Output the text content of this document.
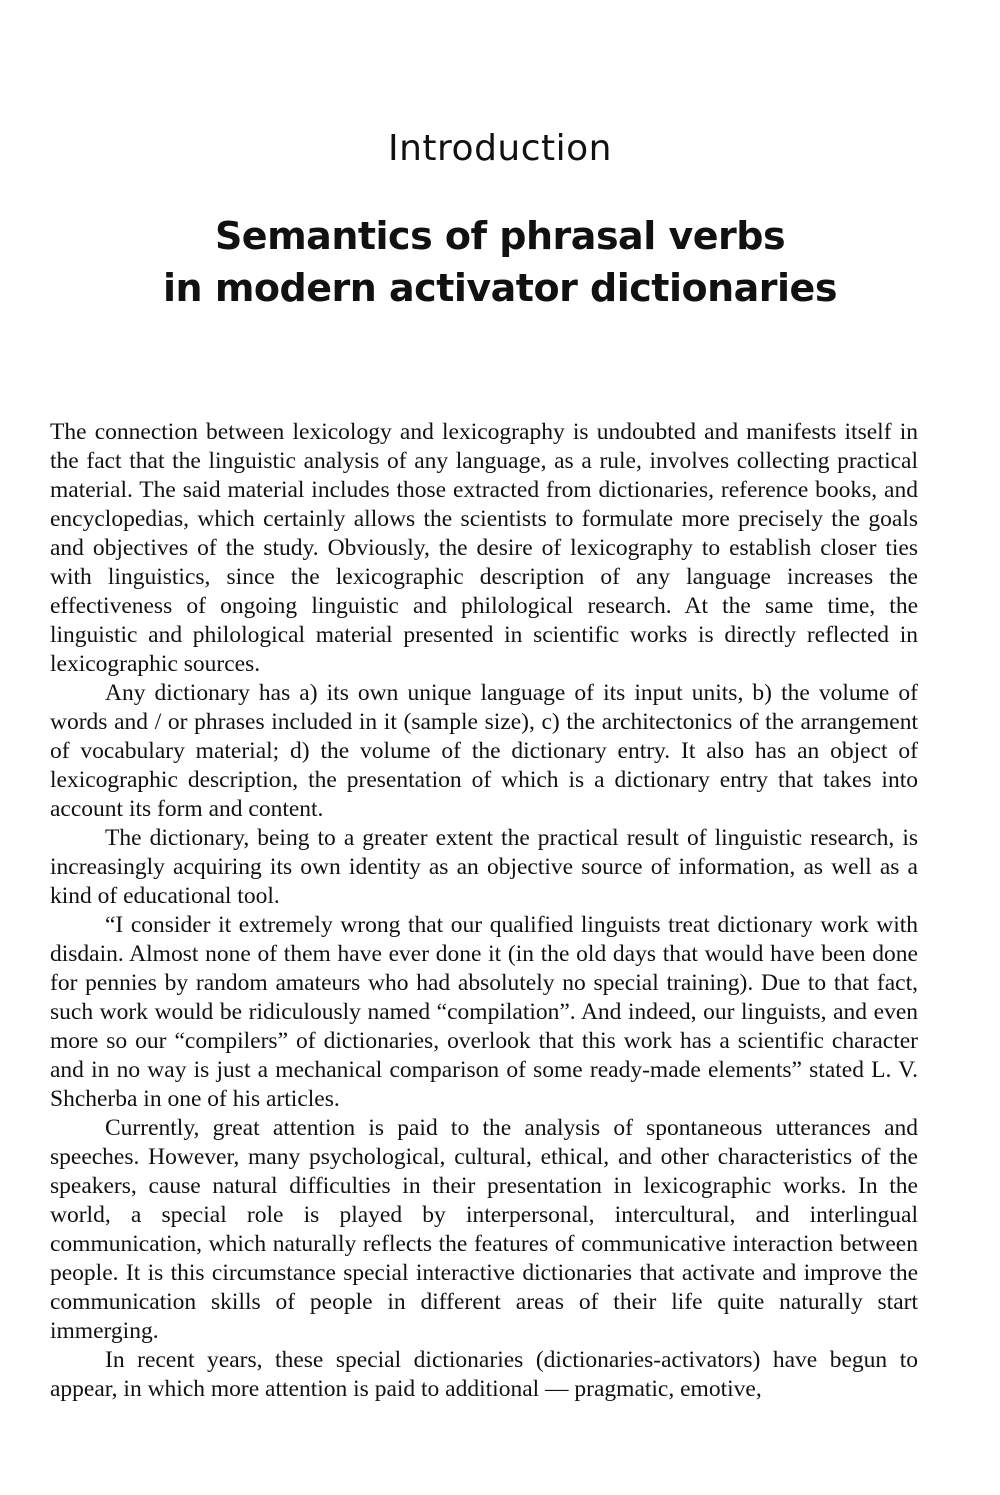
Introduction
Semantics of phrasal verbs
in modern activator dictionaries

The connection between lexicology and lexicography is undoubted and manifests itself in the fact that the linguistic analysis of any language, as a rule, involves collecting practical material. The said material includes those extracted from dictionaries, reference books, and encyclopedias, which certainly allows the scientists to formulate more precisely the goals and objectives of the study. Obviously, the desire of lexicography to establish closer ties with linguistics, since the lexicographic description of any language increases the effectiveness of ongoing linguistic and philological research. At the same time, the linguistic and philological material presented in scientific works is directly reflected in lexicographic sources.

Any dictionary has a) its own unique language of its input units, b) the volume of words and / or phrases included in it (sample size), c) the architectonics of the arrangement of vocabulary material; d) the volume of the dictionary entry. It also has an object of lexicographic description, the presentation of which is a dictionary entry that takes into account its form and content.

The dictionary, being to a greater extent the practical result of linguistic research, is increasingly acquiring its own identity as an objective source of information, as well as a kind of educational tool.

“I consider it extremely wrong that our qualified linguists treat dictionary work with disdain. Almost none of them have ever done it (in the old days that would have been done for pennies by random amateurs who had absolutely no special training). Due to that fact, such work would be ridiculously named “compilation”. And indeed, our linguists, and even more so our “compilers” of dictionaries, overlook that this work has a scientific character and in no way is just a mechanical comparison of some ready-made elements” stated L. V. Shcherba in one of his articles.

Currently, great attention is paid to the analysis of spontaneous utterances and speeches. However, many psychological, cultural, ethical, and other characteristics of the speakers, cause natural difficulties in their presentation in lexicographic works. In the world, a special role is played by interpersonal, intercultural, and interlingual communication, which naturally reflects the features of communicative interaction between people. It is this circumstance special interactive dictionaries that activate and improve the communication skills of people in different areas of their life quite naturally start immerging.

In recent years, these special dictionaries (dictionaries-activators) have begun to appear, in which more attention is paid to additional — pragmatic, emotive,
